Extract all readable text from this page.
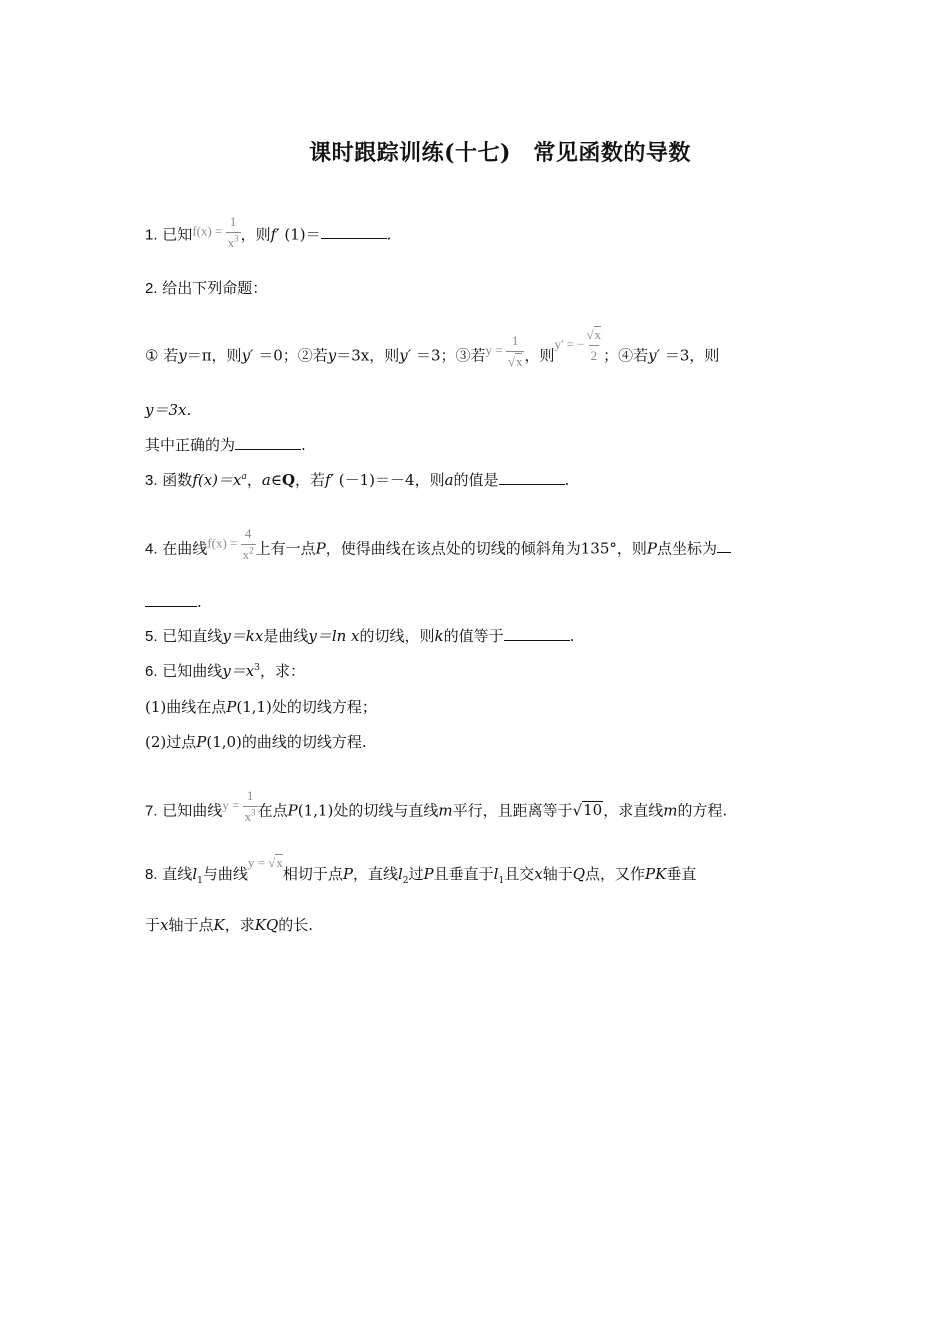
课时跟踪训练(十七)　常见函数的导数
1. 已知$f(x) = \frac{1}{x^3}$ ，则f′ (1)＝	.
2. 给出下列命题：
① 若y＝π，则y′ ＝0；②若y＝3x，则y′ ＝3；③若$y = \frac{1}{√x}$ ，则y' = − $\frac{√x}{2}$ ；④若y′ ＝3，则
y＝3x.
其中正确的为	.
3. 函数$f(x)=x^a$，a∈Q，若f′ (－1)＝－4，则a的值是	.
4. 在曲线$f(x) = \frac{4}{x^2}$ 上有一点P，使得曲线在该点处的切线的倾斜角为135°，则P点坐标为
.
5. 已知直线y＝kx是曲线y＝ln x的切线，则k的值等于	.
6. 已知曲线$y=x^3$，求：
(1)曲线在点P(1,1)处的切线方程；
(2)过点P(1,0)的曲线的切线方程.
7. 已知曲线$y = \frac{1}{x^3}$ 在点P(1,1)处的切线与直线m平行，且距离等于√10，求直线m的方程.
8. 直线$l_1$与曲线y = √x相切于点P，直线$l_2$过P且垂直于$l_1$且交x轴于Q点，又作PK垂直
于x轴于点K，求KQ的长.
